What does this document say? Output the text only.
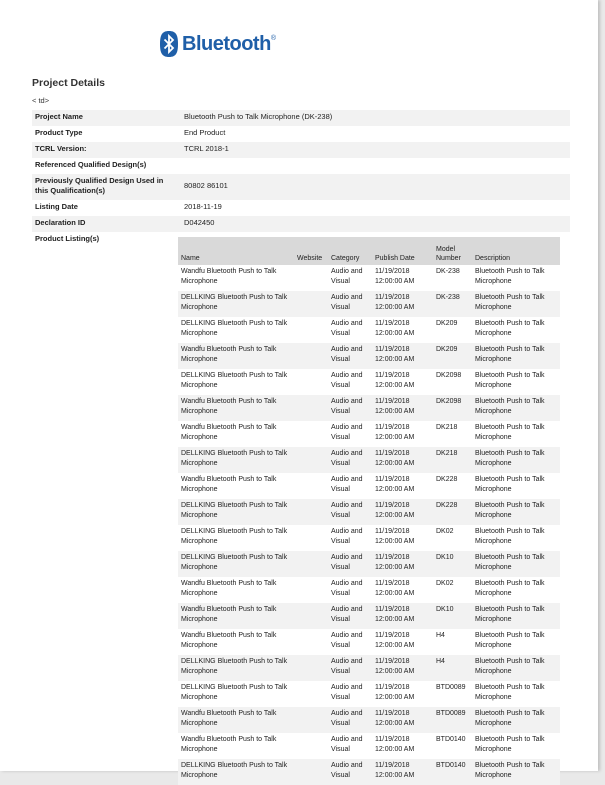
Bluetooth ®
Project Details
< td>
Project Name	Bluetooth Push to Talk Microphone (DK-238)
Product Type	End Product
TCRL Version:	TCRL 2018-1
Referenced Qualified Design(s)
Previously Qualified Design Used in this Qualification(s)	80802 86101
Listing Date	2018-11-19
Declaration ID	D042450
Product Listing(s)
Name	Website	Category	Publish Date	Model Number	Description
Wandfu Bluetooth Push to Talk Microphone		Audio and Visual	11/19/2018 12:00:00 AM	DK-238	Bluetooth Push to Talk Microphone
DELLKING Bluetooth Push to Talk Microphone		Audio and Visual	11/19/2018 12:00:00 AM	DK-238	Bluetooth Push to Talk Microphone
DELLKING Bluetooth Push to Talk Microphone		Audio and Visual	11/19/2018 12:00:00 AM	DK209	Bluetooth Push to Talk Microphone
Wandfu Bluetooth Push to Talk Microphone		Audio and Visual	11/19/2018 12:00:00 AM	DK209	Bluetooth Push to Talk Microphone
DELLKING Bluetooth Push to Talk Microphone		Audio and Visual	11/19/2018 12:00:00 AM	DK2098	Bluetooth Push to Talk Microphone
Wandfu Bluetooth Push to Talk Microphone		Audio and Visual	11/19/2018 12:00:00 AM	DK2098	Bluetooth Push to Talk Microphone
Wandfu Bluetooth Push to Talk Microphone		Audio and Visual	11/19/2018 12:00:00 AM	DK218	Bluetooth Push to Talk Microphone
DELLKING Bluetooth Push to Talk Microphone		Audio and Visual	11/19/2018 12:00:00 AM	DK218	Bluetooth Push to Talk Microphone
Wandfu Bluetooth Push to Talk Microphone		Audio and Visual	11/19/2018 12:00:00 AM	DK228	Bluetooth Push to Talk Microphone
DELLKING Bluetooth Push to Talk Microphone		Audio and Visual	11/19/2018 12:00:00 AM	DK228	Bluetooth Push to Talk Microphone
DELLKING Bluetooth Push to Talk Microphone		Audio and Visual	11/19/2018 12:00:00 AM	DK02	Bluetooth Push to Talk Microphone
DELLKING Bluetooth Push to Talk Microphone		Audio and Visual	11/19/2018 12:00:00 AM	DK10	Bluetooth Push to Talk Microphone
Wandfu Bluetooth Push to Talk Microphone		Audio and Visual	11/19/2018 12:00:00 AM	DK02	Bluetooth Push to Talk Microphone
Wandfu Bluetooth Push to Talk Microphone		Audio and Visual	11/19/2018 12:00:00 AM	DK10	Bluetooth Push to Talk Microphone
Wandfu Bluetooth Push to Talk Microphone		Audio and Visual	11/19/2018 12:00:00 AM	H4	Bluetooth Push to Talk Microphone
DELLKING Bluetooth Push to Talk Microphone		Audio and Visual	11/19/2018 12:00:00 AM	H4	Bluetooth Push to Talk Microphone
DELLKING Bluetooth Push to Talk Microphone		Audio and Visual	11/19/2018 12:00:00 AM	BTD0089	Bluetooth Push to Talk Microphone
Wandfu Bluetooth Push to Talk Microphone		Audio and Visual	11/19/2018 12:00:00 AM	BTD0089	Bluetooth Push to Talk Microphone
Wandfu Bluetooth Push to Talk Microphone		Audio and Visual	11/19/2018 12:00:00 AM	BTD0140	Bluetooth Push to Talk Microphone
DELLKING Bluetooth Push to Talk Microphone		Audio and Visual	11/19/2018 12:00:00 AM	BTD0140	Bluetooth Push to Talk Microphone
